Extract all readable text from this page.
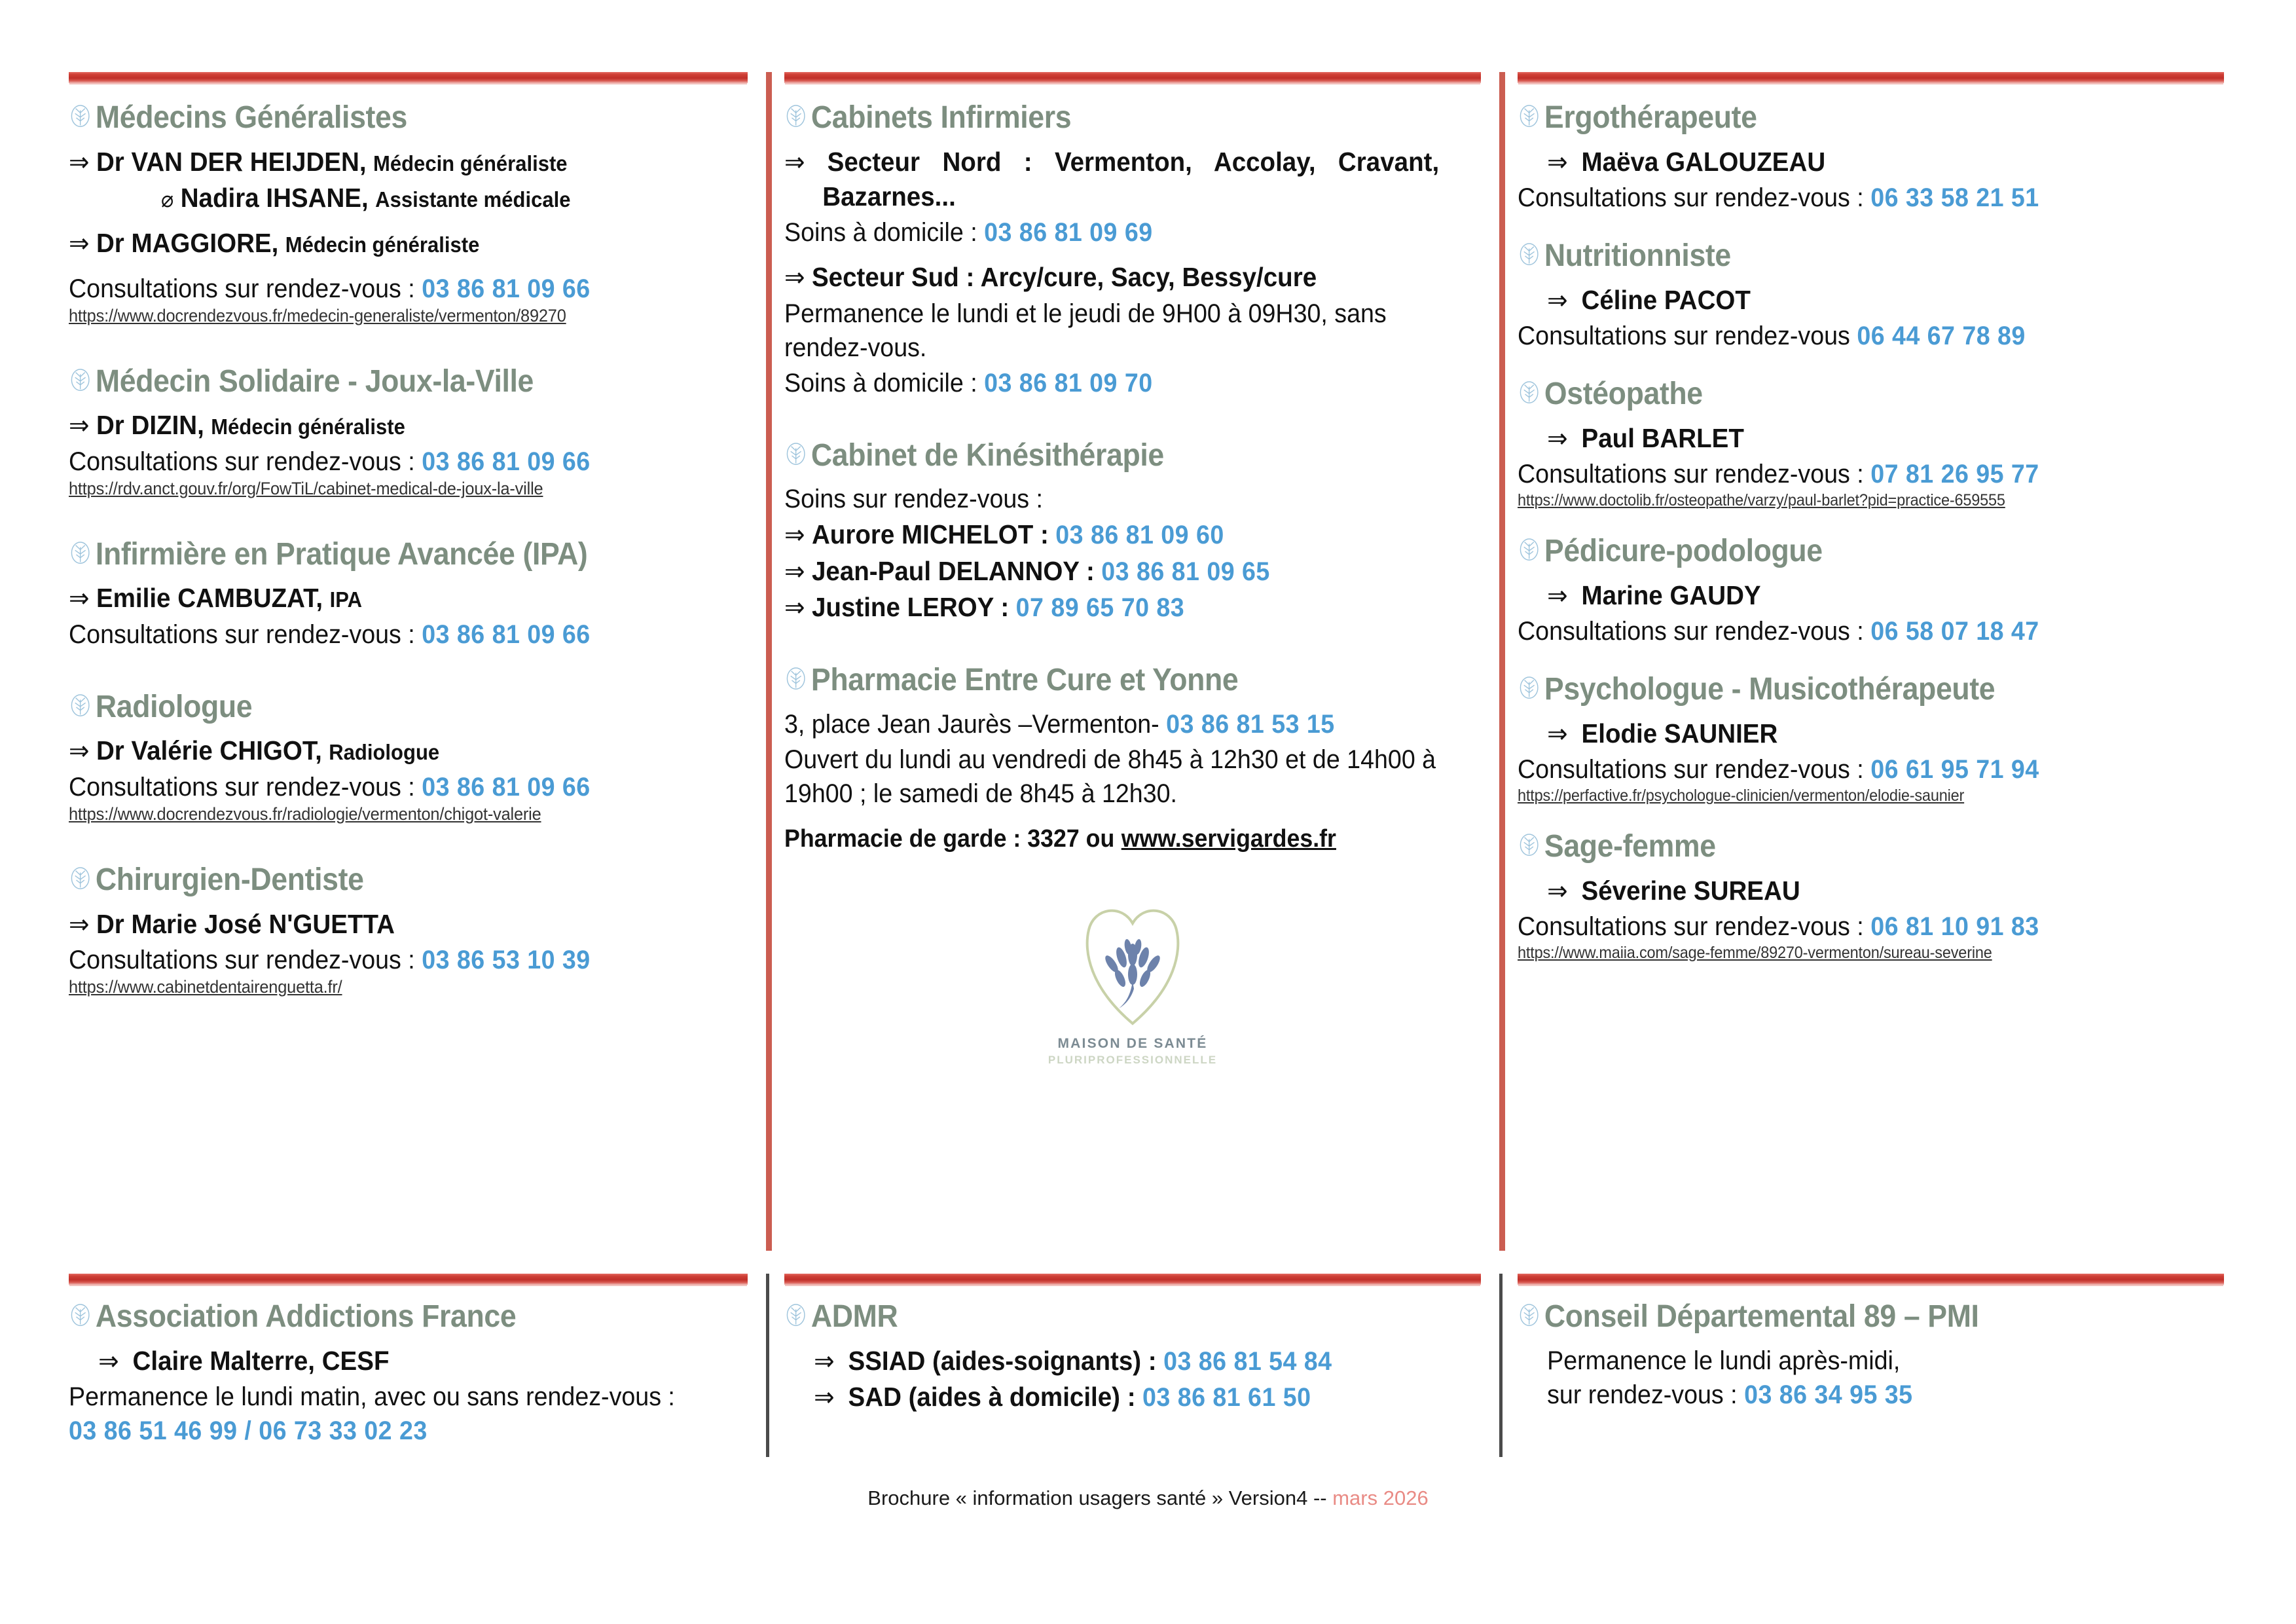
Médecins Généralistes
⇒ Dr VAN DER HEIJDEN, Médecin généraliste
⌀ Nadira IHSANE, Assistante médicale
⇒ Dr MAGGIORE, Médecin généraliste
Consultations sur rendez-vous : 03 86 81 09 66
https://www.docrendezvous.fr/medecin-generaliste/vermenton/89270
Médecin Solidaire - Joux-la-Ville
⇒ Dr DIZIN, Médecin généraliste
Consultations sur rendez-vous : 03 86 81 09 66
https://rdv.anct.gouv.fr/org/FowTiL/cabinet-medical-de-joux-la-ville
Infirmière en Pratique Avancée (IPA)
⇒ Emilie CAMBUZAT, IPA
Consultations sur rendez-vous : 03 86 81 09 66
Radiologue
⇒ Dr Valérie CHIGOT, Radiologue
Consultations sur rendez-vous : 03 86 81 09 66
https://www.docrendezvous.fr/radiologie/vermenton/chigot-valerie
Chirurgien-Dentiste
⇒ Dr Marie José N'GUETTA
Consultations sur rendez-vous : 03 86 53 10 39
https://www.cabinetdentairenguetta.fr/
Cabinets Infirmiers
⇒ Secteur Nord : Vermenton, Accolay, Cravant, Bazarnes...
Soins à domicile : 03 86 81 09 69
⇒ Secteur Sud : Arcy/cure, Sacy, Bessy/cure
Permanence le lundi et le jeudi de 9H00 à 09H30, sans rendez-vous.
Soins à domicile : 03 86 81 09 70
Cabinet de Kinésithérapie
Soins sur rendez-vous :
⇒ Aurore MICHELOT : 03 86 81 09 60
⇒ Jean-Paul DELANNOY : 03 86 81 09 65
⇒ Justine LEROY : 07 89 65 70 83
Pharmacie Entre Cure et Yonne
3, place Jean Jaurès –Vermenton- 03 86 81 53 15
Ouvert du lundi au vendredi de 8h45 à 12h30 et de 14h00 à 19h00 ; le samedi de 8h45 à 12h30.
Pharmacie de garde : 3327 ou www.servigardes.fr
MAISON DE SANTÉ
PLURIPROFESSIONNELLE
Ergothérapeute
⇒ Maëva GALOUZEAU
Consultations sur rendez-vous : 06 33 58 21 51
Nutritionniste
⇒ Céline PACOT
Consultations sur rendez-vous 06 44 67 78 89
Ostéopathe
⇒ Paul BARLET
Consultations sur rendez-vous : 07 81 26 95 77
https://www.doctolib.fr/osteopathe/varzy/paul-barlet?pid=practice-659555
Pédicure-podologue
⇒ Marine GAUDY
Consultations sur rendez-vous : 06 58 07 18 47
Psychologue - Musicothérapeute
⇒ Elodie SAUNIER
Consultations sur rendez-vous : 06 61 95 71 94
https://perfactive.fr/psychologue-clinicien/vermenton/elodie-saunier
Sage-femme
⇒ Séverine SUREAU
Consultations sur rendez-vous : 06 81 10 91 83
https://www.maiia.com/sage-femme/89270-vermenton/sureau-severine
Association Addictions France
⇒ Claire Malterre, CESF
Permanence le lundi matin, avec ou sans rendez-vous : 03 86 51 46 99 / 06 73 33 02 23
ADMR
⇒ SSIAD (aides-soignants) : 03 86 81 54 84
⇒ SAD (aides à domicile) : 03 86 81 61 50
Conseil Départemental 89 – PMI
Permanence le lundi après-midi,
sur rendez-vous : 03 86 34 95 35
Brochure « information usagers santé » Version4 -- mars 2026
